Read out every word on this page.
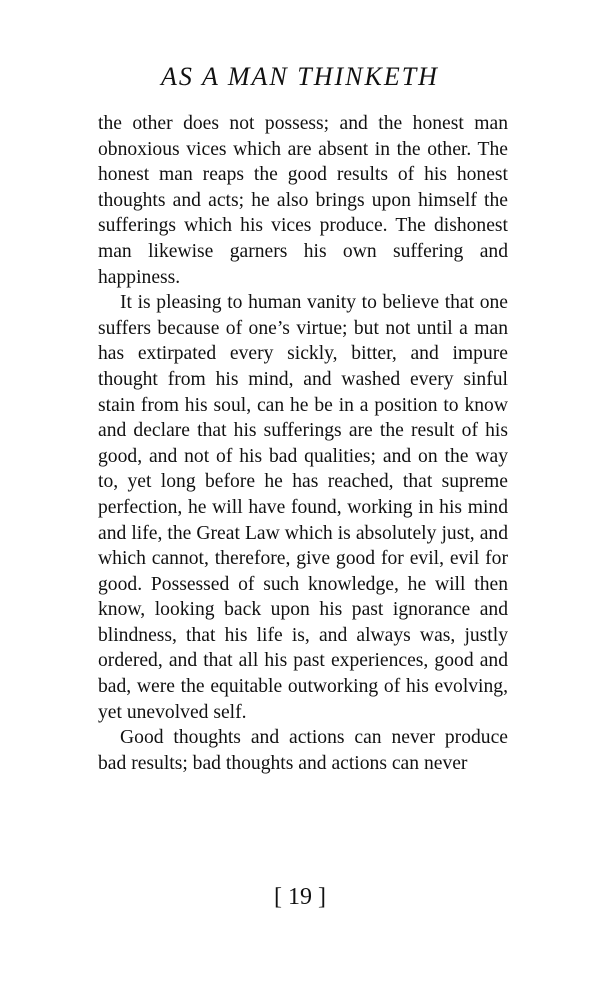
AS A MAN THINKETH

the other does not possess; and the honest man obnoxious vices which are absent in the other. The honest man reaps the good results of his honest thoughts and acts; he also brings upon himself the sufferings which his vices produce. The dishonest man likewise garners his own suffering and happiness.

It is pleasing to human vanity to believe that one suffers because of one’s virtue; but not until a man has extirpated every sickly, bitter, and impure thought from his mind, and washed every sinful stain from his soul, can he be in a position to know and declare that his sufferings are the result of his good, and not of his bad qualities; and on the way to, yet long before he has reached, that supreme perfection, he will have found, working in his mind and life, the Great Law which is absolutely just, and which cannot, therefore, give good for evil, evil for good. Possessed of such knowledge, he will then know, looking back upon his past ignorance and blindness, that his life is, and always was, justly ordered, and that all his past experiences, good and bad, were the equitable outworking of his evolving, yet unevolved self.

Good thoughts and actions can never produce bad results; bad thoughts and actions can never

[ 19 ]
